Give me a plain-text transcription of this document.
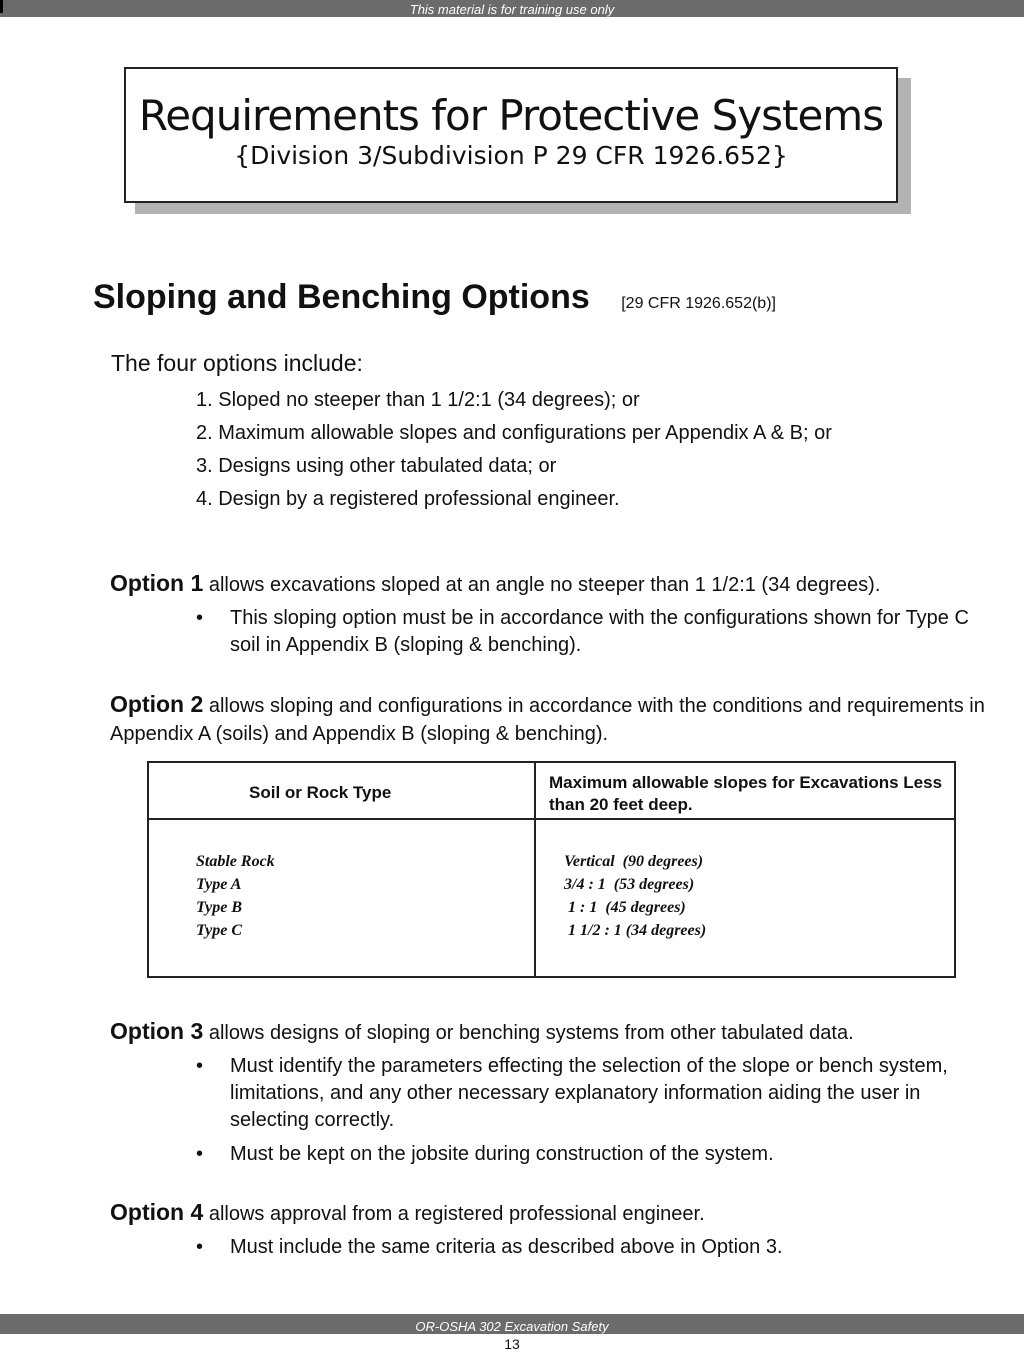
This material is for training use only
Requirements for Protective Systems
{Division 3/Subdivision P 29 CFR 1926.652}
Sloping and Benching Options [29 CFR 1926.652(b)]
The four options include:
1. Sloped no steeper than 1 1/2:1 (34 degrees); or
2. Maximum allowable slopes and configurations per Appendix A & B; or
3. Designs using other tabulated data; or
4. Design by a registered professional engineer.
Option 1 allows excavations sloped at an angle no steeper than 1 1/2:1 (34 degrees).
• This sloping option must be in accordance with the configurations shown for Type C soil in Appendix B (sloping & benching).
Option 2 allows sloping and configurations in accordance with the conditions and requirements in Appendix A (soils) and Appendix B (sloping & benching).
Soil or Rock Type
Maximum allowable slopes for Excavations Less than 20 feet deep.
Stable Rock
Type A
Type B
Type C
Vertical  (90 degrees)
3/4 : 1  (53 degrees)
1 : 1  (45 degrees)
1 1/2 : 1 (34 degrees)
Option 3 allows designs of sloping or benching systems from other tabulated data.
• Must identify the parameters effecting the selection of the slope or bench system, limitations, and any other necessary explanatory information aiding the user in selecting correctly.
• Must be kept on the jobsite during construction of the system.
Option 4 allows approval from a registered professional engineer.
• Must include the same criteria as described above in Option 3.
OR-OSHA 302 Excavation Safety
13
